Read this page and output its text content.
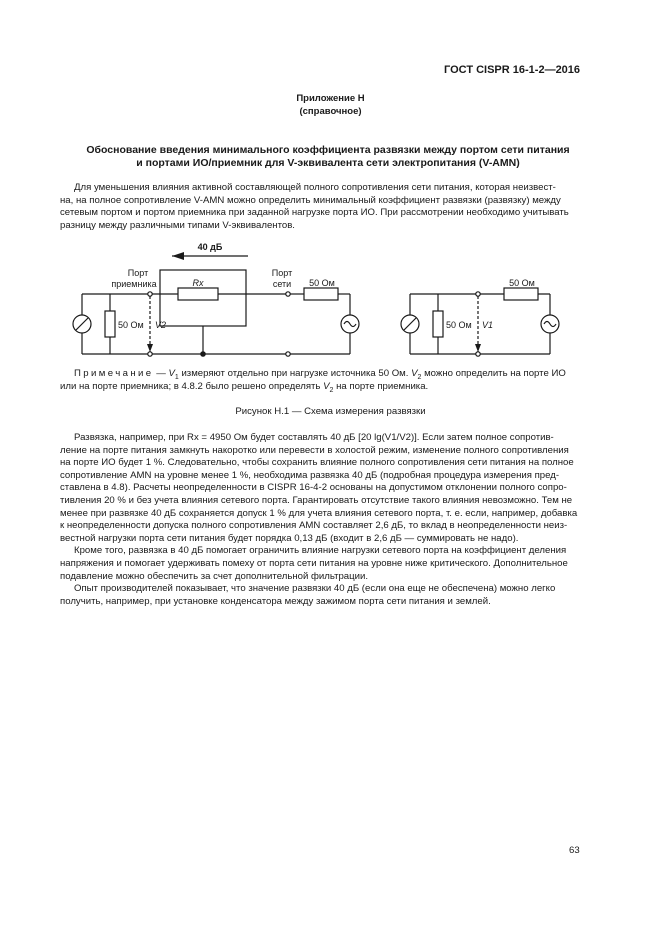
ГОСТ CISPR 16-1-2—2016
Приложение Н
(справочное)
Обоснование введения минимального коэффициента развязки между портом сети питания
и портами ИО/приемник для V-эквивалента сети электропитания (V-AMN)
Для уменьшения влияния активной составляющей полного сопротивления сети питания, которая неизвест-
на, на полное сопротивление V-AMN можно определить минимальный коэффициент развязки (развязку) между
сетевым портом и портом приемника при заданной нагрузке порта ИО. При рассмотрении необходимо учитывать
разницу между различными типами V-эквивалентов.
40 дБ
Порт
приемника
Порт
сети
Rx	50 Ом
50 Ом V2
50 Ом
50 Ом V1
Примечание — $V_1$ измеряют отдельно при нагрузке источника 50 Ом. $V_2$ можно определить на порте ИО
или на порте приемника; в 4.8.2 было решено определять $V_2$ на порте приемника.
Рисунок Н.1 — Схема измерения развязки
Развязка, например, при Rx = 4950 Ом будет составлять 40 дБ [20 lg(V1/V2)]. Если затем полное сопротив-
ление на порте питания замкнуть накоротко или перевести в холостой режим, изменение полного сопротивления
на порте ИО будет 1 %. Следовательно, чтобы сохранить влияние полного сопротивления сети питания на полное
сопротивление AMN на уровне менее 1 %, необходима развязка 40 дБ (подробная процедура измерения пред-
ставлена в 4.8). Расчеты неопределенности в CISPR 16-4-2 основаны на допустимом отклонении полного сопро-
тивления 20 % и без учета влияния сетевого порта. Гарантировать отсутствие такого влияния невозможно. Тем не
менее при развязке 40 дБ сохраняется допуск 1 % для учета влияния сетевого порта, т. е. если, например, добавка
к неопределенности допуска полного сопротивления AMN составляет 2,6 дБ, то вклад в неопределенности неиз-
вестной нагрузки порта сети питания будет порядка 0,13 дБ (входит в 2,6 дБ — суммировать не надо).
Кроме того, развязка в 40 дБ помогает ограничить влияние нагрузки сетевого порта на коэффициент деления
напряжения и помогает удерживать помеху от порта сети питания на уровне ниже критического. Дополнительное
подавление можно обеспечить за счет дополнительной фильтрации.
Опыт производителей показывает, что значение развязки 40 дБ (если она еще не обеспечена) можно легко
получить, например, при установке конденсатора между зажимом порта сети питания и землей.
63
